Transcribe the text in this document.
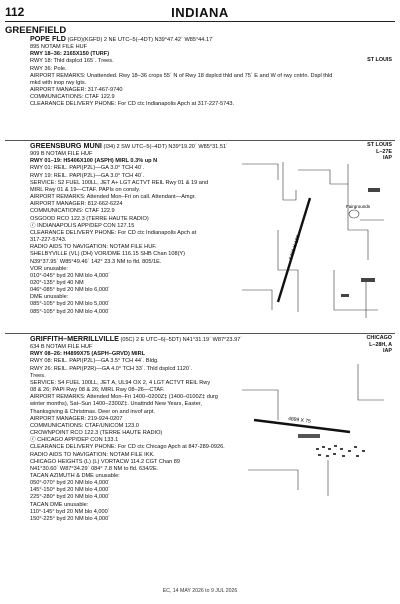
112	INDIANA
GREENFIELD
POPE FLD (GFD)(KGFD) 2 NE UTC–5(–4DT) N39°47.42´ W85°44.17´
895 NOTAM FILE HUF
RWY 18–36: 2165X150 (TURF)
RWY 18: Thld dsplcd 165´. Trees.
RWY 36: Pole.
AIRPORT REMARKS: Unattended. Rwy 18–36 crops 55´ N of Rwy 18 dsplcd thld and 75´ E and W of rwy cntrln. Dspl thld
mkd with inop rwy lgts.
AIRPORT MANAGER: 317-467-9740
COMMUNICATIONS: CTAF 122.9
CLEARANCE DELIVERY PHONE: For CD ctc Indianapolis Apch at 317-227-5743.
ST LOUIS
GREENSBURG MUNI (I34) 2 SW UTC–5(–4DT) N39°19.20´ W85°31.51´
909 B NOTAM FILE HUF
RWY 01–19: H5406X100 (ASPH) MIRL 0.3% up N
RWY 01: REIL. PAPI(P2L)—GA 3.0° TCH 40´.
RWY 19: REIL. PAPI(P2L)—GA 3.0° TCH 40´.
SERVICE: S2 FUEL 100LL, JET A+ LGT ACTVT REIL Rwy 01 & 19 and
MIRL Rwy 01 & 19—CTAF. PAPIs on consly.
AIRPORT REMARKS: Attended Mon–Fri on call. Attendant—Amgr.
AIRPORT MANAGER: 812-662-6224
COMMUNICATIONS: CTAF 122.9
OSGOOD RCO 122.3 (TERRE HAUTE RADIO)
ⓡ INDIANAPOLIS APP/DEP CON 127.15
CLEARANCE DELIVERY PHONE: For CD ctc Indianapolis Apch at
317-227-5743.
RADIO AIDS TO NAVIGATION: NOTAM FILE HUF.
SHELBYVILLE (VL) (DH) VOR/DME 116.15 SHB Chan 108(Y)
N39°37.95´ W85°49.46´ 142° 23.3 NM to fld. 805/1E.
VOR unusable:
010°-045° byd 20 NM blo 4,000´
020°-135° byd 40 NM
046°-085° byd 20 NM blo 6,000´
DME unusable:
085°-105° byd 20 NM blo 5,000´
085°-105° byd 20 NM blo 4,000´
ST LOUIS
L–27E
IAP
5406 X 100
Fairgrounds
GRIFFITH–MERRILLVILLE (05C) 2 E UTC–6(–5DT) N41°31.19´ W87°23.97´
634 B NOTAM FILE HUF
RWY 08–26: H4899X75 (ASPH–GRVD) MIRL
RWY 08: REIL. PAPI(P2L)—GA 3.5° TCH 44´. Bldg.
RWY 26: REIL. PAPI(P2R)—GA 4.0° TCH 33´. Thld dsplcd 1120´.
Trees.
SERVICE: S4 FUEL 100LL, JET A, UL94 OX 2, 4 LGT ACTVT REIL Rwy
08 & 26; PAPI Rwy 08 & 26; MIRL Rwy 08–26—CTAF.
AIRPORT REMARKS: Attended Mon–Fri 1400–0200Z‡ (1400–0100Z‡ durg
winter months), Sat–Sun 1400–2300Z‡. Unattndd New Years, Easter,
Thanksgiving & Christmas. Deer on and invof arpt.
AIRPORT MANAGER: 219-924-0207
COMMUNICATIONS: CTAF/UNICOM 123.0
CROWNPOINT RCO 122.3 (TERRE HAUTE RADIO)
ⓡ CHICAGO APP/DEP CON 133.1
CLEARANCE DELIVERY PHONE: For CD ctc Chicago Apch at 847-289-0926.
RADIO AIDS TO NAVIGATION: NOTAM FILE IKK.
CHICAGO HEIGHTS (L) (L) VORTACW 114.2 CGT Chan 89
N41°30.60´ W87°34.29´ 084° 7.8 NM to fld. 634/2E.
TACAN AZIMUTH & DME unusable:
050°-070° byd 20 NM blo 4,000´
145°-150° byd 20 NM blo 4,000´
225°-280° byd 20 NM blo 4,000´
TACAN DME unusable:
110°-145° byd 20 NM blo 4,000´
150°-225° byd 20 NM blo 4,000´
CHICAGO
L–28H, A
IAP
4899 X 75
EC, 14 MAY 2026 to 9 JUL 2026
